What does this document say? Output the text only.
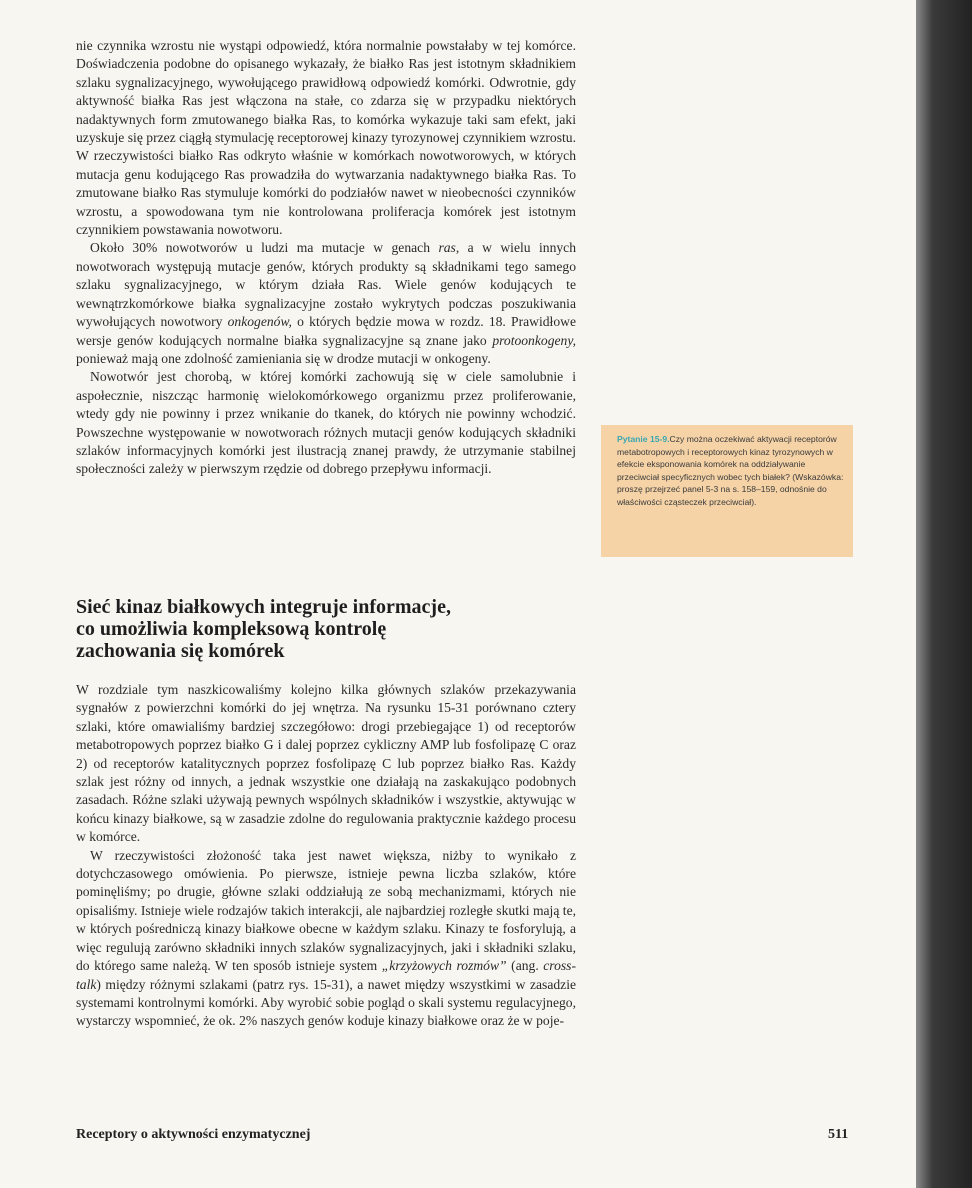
nie czynnika wzrostu nie wystąpi odpowiedź, która normalnie powstałaby w tej komórce. Doświadczenia podobne do opisanego wykazały, że białko Ras jest istotnym składnikiem szlaku sygnalizacyjnego, wywołującego prawidłową odpowiedź komórki. Odwrotnie, gdy aktywność białka Ras jest włączona na stałe, co zdarza się w przypadku niektórych nadaktywnych form zmutowanego białka Ras, to komórka wykazuje taki sam efekt, jaki uzyskuje się przez ciągłą stymulację receptorowej kinazy tyrozynowej czynnikiem wzrostu. W rzeczywistości białko Ras odkryto właśnie w komórkach nowotworowych, w których mutacja genu kodującego Ras prowadziła do wytwarzania nadaktywnego białka Ras. To zmutowane białko Ras stymuluje komórki do podziałów nawet w nieobecności czynników wzrostu, a spowodowana tym nie kontrolowana proliferacja komórek jest istotnym czynnikiem powstawania nowotworu.

Około 30% nowotworów u ludzi ma mutacje w genach ras, a w wielu innych nowotworach występują mutacje genów, których produkty są składnikami tego samego szlaku sygnalizacyjnego, w którym działa Ras. Wiele genów kodujących te wewnątrzkomórkowe białka sygnalizacyjne zostało wykrytych podczas poszukiwania wywołujących nowotwory onkogenów, o których będzie mowa w rozdz. 18. Prawidłowe wersje genów kodujących normalne białka sygnalizacyjne są znane jako protoonkogeny, ponieważ mają one zdolność zamieniania się w drodze mutacji w onkogeny.

Nowotwór jest chorobą, w której komórki zachowują się w ciele samolubnie i aspołecznie, niszcząc harmonię wielokomórkowego organizmu przez proliferowanie, wtedy gdy nie powinny i przez wnikanie do tkanek, do których nie powinny wchodzić. Powszechne występowanie w nowotworach różnych mutacji genów kodujących składniki szlaków informacyjnych komórki jest ilustracją znanej prawdy, że utrzymanie stabilnej społeczności zależy w pierwszym rzędzie od dobrego przepływu informacji.

Pytanie 15-9.Czy można oczekiwać aktywacji receptorów metabotropowych i receptorowych kinaz tyrozynowych w efekcie eksponowania komórek na oddziaływanie przeciwciał specyficznych wobec tych białek? (Wskazówka: proszę przejrzeć panel 5-3 na s. 158–159, odnośnie do właściwości cząsteczek przeciwciał).
Sieć kinaz białkowych integruje informacje,
co umożliwia kompleksową kontrolę
zachowania się komórek

W rozdziale tym naszkicowaliśmy kolejno kilka głównych szlaków przekazywania sygnałów z powierzchni komórki do jej wnętrza. Na rysunku 15-31 porównano cztery szlaki, które omawialiśmy bardziej szczegółowo: drogi przebiegające 1) od receptorów metabotropowych poprzez białko G i dalej poprzez cykliczny AMP lub fosfolipazę C oraz 2) od receptorów katalitycznych poprzez fosfolipazę C lub poprzez białko Ras. Każdy szlak jest różny od innych, a jednak wszystkie one działają na zaskakująco podobnych zasadach. Różne szlaki używają pewnych wspólnych składników i wszystkie, aktywując w końcu kinazy białkowe, są w zasadzie zdolne do regulowania praktycznie każdego procesu w komórce.

W rzeczywistości złożoność taka jest nawet większa, niżby to wynikało z dotychczasowego omówienia. Po pierwsze, istnieje pewna liczba szlaków, które pominęliśmy; po drugie, główne szlaki oddziałują ze sobą mechanizmami, których nie opisaliśmy. Istnieje wiele rodzajów takich interakcji, ale najbardziej rozległe skutki mają te, w których pośredniczą kinazy białkowe obecne w każdym szlaku. Kinazy te fosforylują, a więc regulują zarówno składniki innych szlaków sygnalizacyjnych, jaki i składniki szlaku, do którego same należą. W ten sposób istnieje system „krzyżowych rozmów” (ang. cross-talk) między różnymi szlakami (patrz rys. 15-31), a nawet między wszystkimi w zasadzie systemami kontrolnymi komórki. Aby wyrobić sobie pogląd o skali systemu regulacyjnego, wystarczy wspomnieć, że ok. 2% naszych genów koduje kinazy białkowe oraz że w poje-

Receptory o aktywności enzymatycznej	511
